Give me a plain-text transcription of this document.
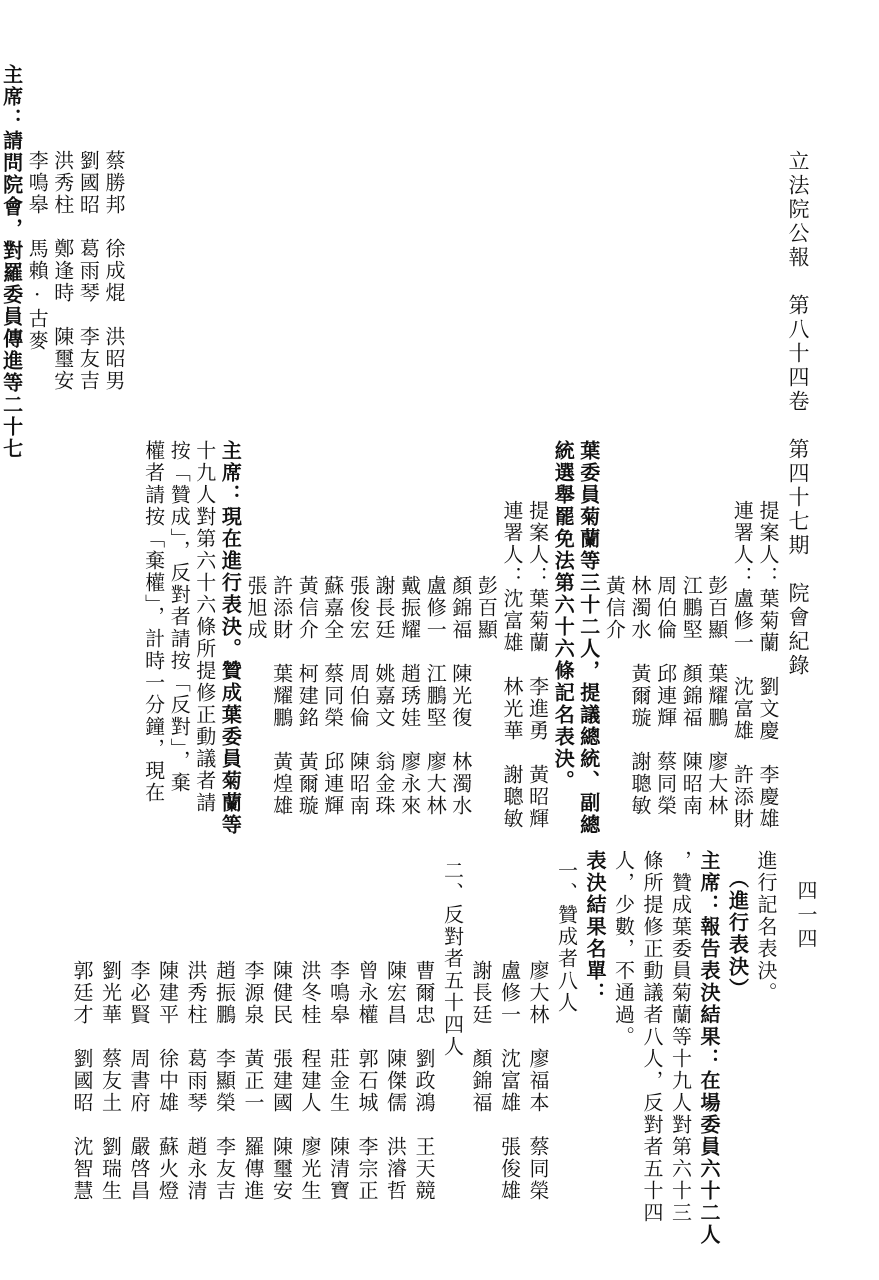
立法院公報　第八十四卷　第四十七期　院會紀錄
四一四
進行記名表決。
（進行表決）
主席：報告表決結果：在場委員六十二人
，贊成葉委員菊蘭等十九人對第六十三
條所提修正動議者八人，反對者五十四
人，少數，不通過。
表決結果名單：
一、贊成者八人
廖大林　廖福本　蔡同榮
盧修一　沈富雄　張俊雄
謝長廷　顏錦福
二、反對者五十四人
曹爾忠　劉政鴻　王天競
陳宏昌　陳傑儒　洪濬哲
曾永權　郭石城　李宗正
李鳴皋　莊金生　陳清寶
洪冬桂　程建人　廖光生
陳健民　張建國　陳璽安
李源泉　黃正一　羅傳進
趙振鵬　李顯榮　李友吉
洪秀柱　葛雨琴　趙永清
陳建平　徐中雄　蘇火燈
李必賢　周書府　嚴啓昌
劉光華　蔡友土　劉瑞生
郭廷才　劉國昭　沈智慧
提案人：葉菊蘭　劉文慶　李慶雄
連署人：盧修一　沈富雄　許添財
彭百顯　葉耀鵬　廖大林
江鵬堅　顏錦福　陳昭南
周伯倫　邱連輝　蔡同榮
林濁水　黃爾璇　謝聰敏
黃信介
葉委員菊蘭等三十二人，提議總統、副總
統選舉罷免法第六十六條記名表決。
提案人：葉菊蘭　李進勇　黃昭輝
連署人：沈富雄　林光華　謝聰敏
彭百顯
顏錦福　陳光復　林濁水
盧修一　江鵬堅　廖大林
戴振耀　趙琇娃　廖永來
謝長廷　姚嘉文　翁金珠
張俊宏　周伯倫　陳昭南
蘇嘉全　蔡同榮　邱連輝
黃信介　柯建銘　黃爾璇
許添財　葉耀鵬　黃煌雄
張旭成
主席：現在進行表決。贊成葉委員菊蘭等
十九人對第六十六條所提修正動議者請
按「贊成」，反對者請按「反對」，棄
權者請按「棄權」，計時一分鐘，現在
蔡勝邦　徐成焜　洪昭男
劉國昭　葛雨琴　李友吉
洪秀柱　鄭逢時　陳璽安
李鳴皋　馬賴·古麥
主席：請問院會，對羅委員傳進等二十七
